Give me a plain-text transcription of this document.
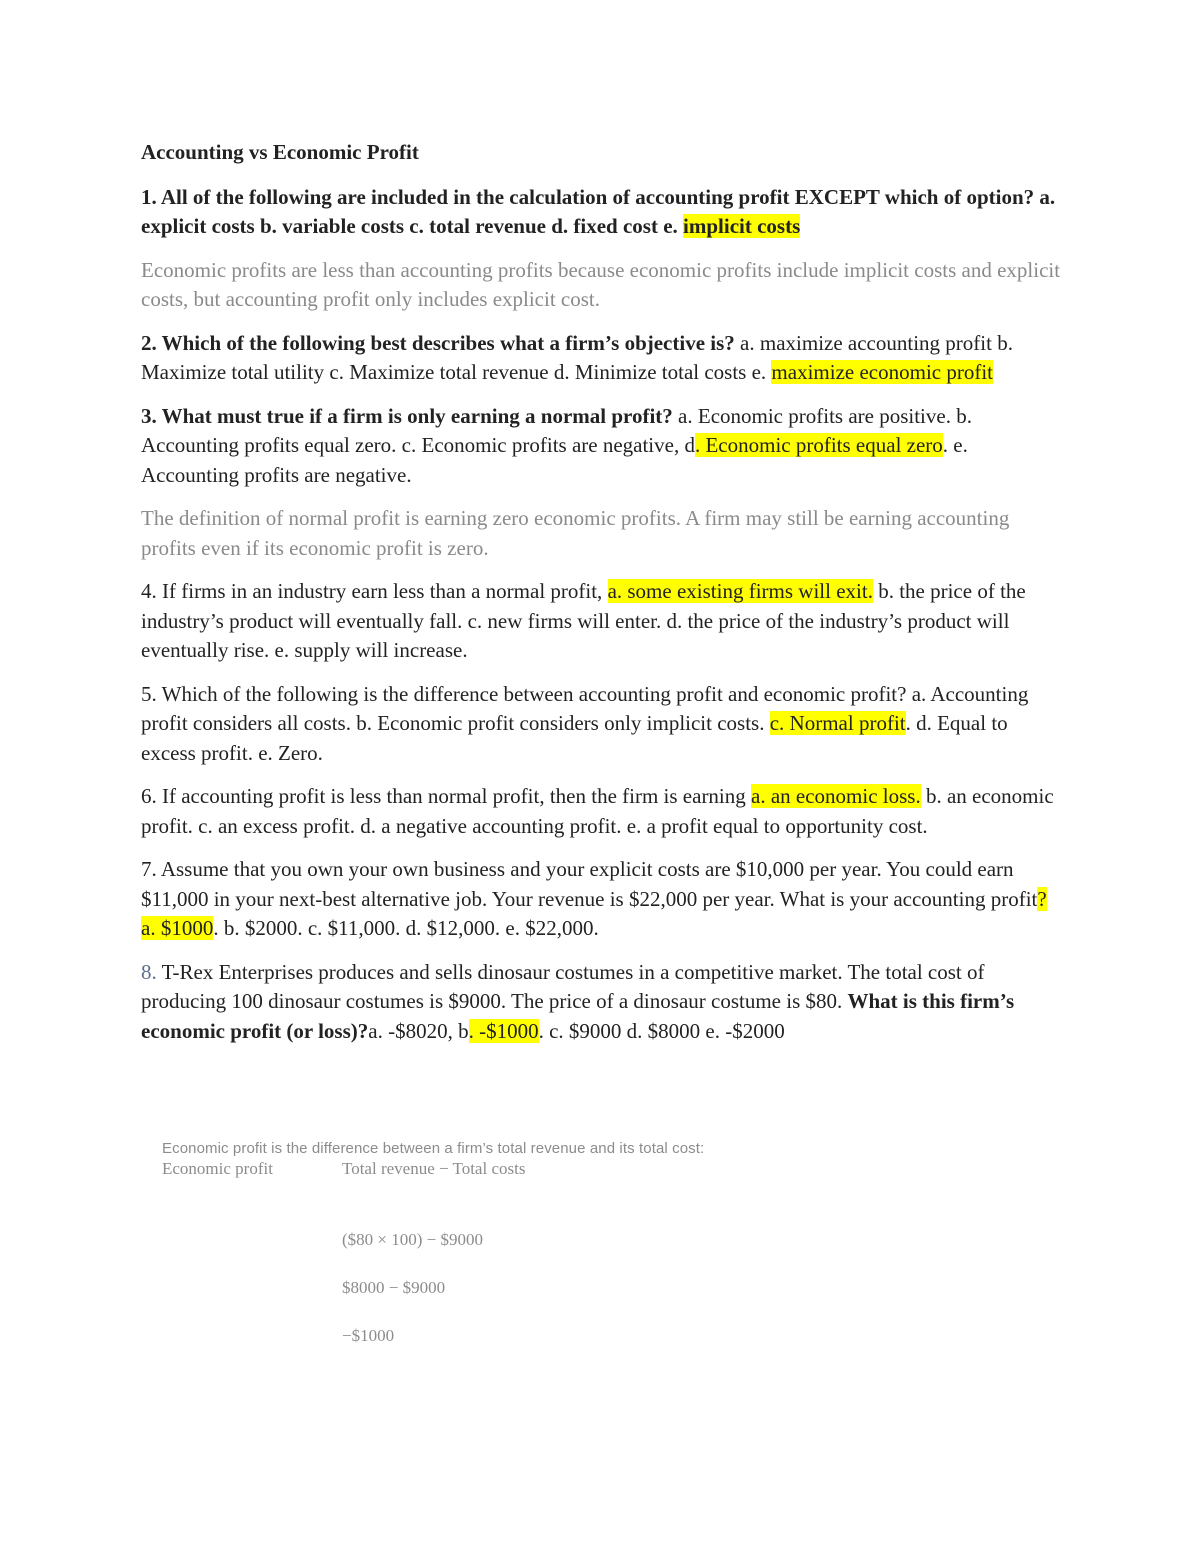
Accounting vs Economic Profit

1. All of the following are included in the calculation of accounting profit EXCEPT which of option? a. explicit costs b. variable costs c. total revenue d. fixed cost e. implicit costs

Economic profits are less than accounting profits because economic profits include implicit costs and explicit costs, but accounting profit only includes explicit cost.

2. Which of the following best describes what a firm’s objective is? a. maximize accounting profit b. Maximize total utility c. Maximize total revenue d. Minimize total costs e. maximize economic profit

3. What must true if a firm is only earning a normal profit? a. Economic profits are positive. b. Accounting profits equal zero. c. Economic profits are negative, d. Economic profits equal zero. e. Accounting profits are negative.

The definition of normal profit is earning zero economic profits. A firm may still be earning accounting profits even if its economic profit is zero.

4. If firms in an industry earn less than a normal profit, a. some existing firms will exit. b. the price of the industry’s product will eventually fall. c. new firms will enter. d. the price of the industry’s product will eventually rise. e. supply will increase.

5. Which of the following is the difference between accounting profit and economic profit? a. Accounting profit considers all costs. b. Economic profit considers only implicit costs. c. Normal profit. d. Equal to excess profit. e. Zero.

6. If accounting profit is less than normal profit, then the firm is earning a. an economic loss. b. an economic profit. c. an excess profit. d. a negative accounting profit. e. a profit equal to opportunity cost.

7. Assume that you own your own business and your explicit costs are $10,000 per year. You could earn $11,000 in your next-best alternative job. Your revenue is $22,000 per year. What is your accounting profit? a. $1000. b. $2000. c. $11,000. d. $12,000. e. $22,000.

8. T-Rex Enterprises produces and sells dinosaur costumes in a competitive market. The total cost of producing 100 dinosaur costumes is $9000. The price of a dinosaur costume is $80. What is this firm’s economic profit (or loss)?a. -$8020, b. -$1000. c. $9000 d. $8000 e. -$2000

Economic profit is the difference between a firm’s total revenue and its total cost:
Economic profit	Total revenue − Total costs
($80 × 100) − $9000
$8000 − $9000
−$1000
